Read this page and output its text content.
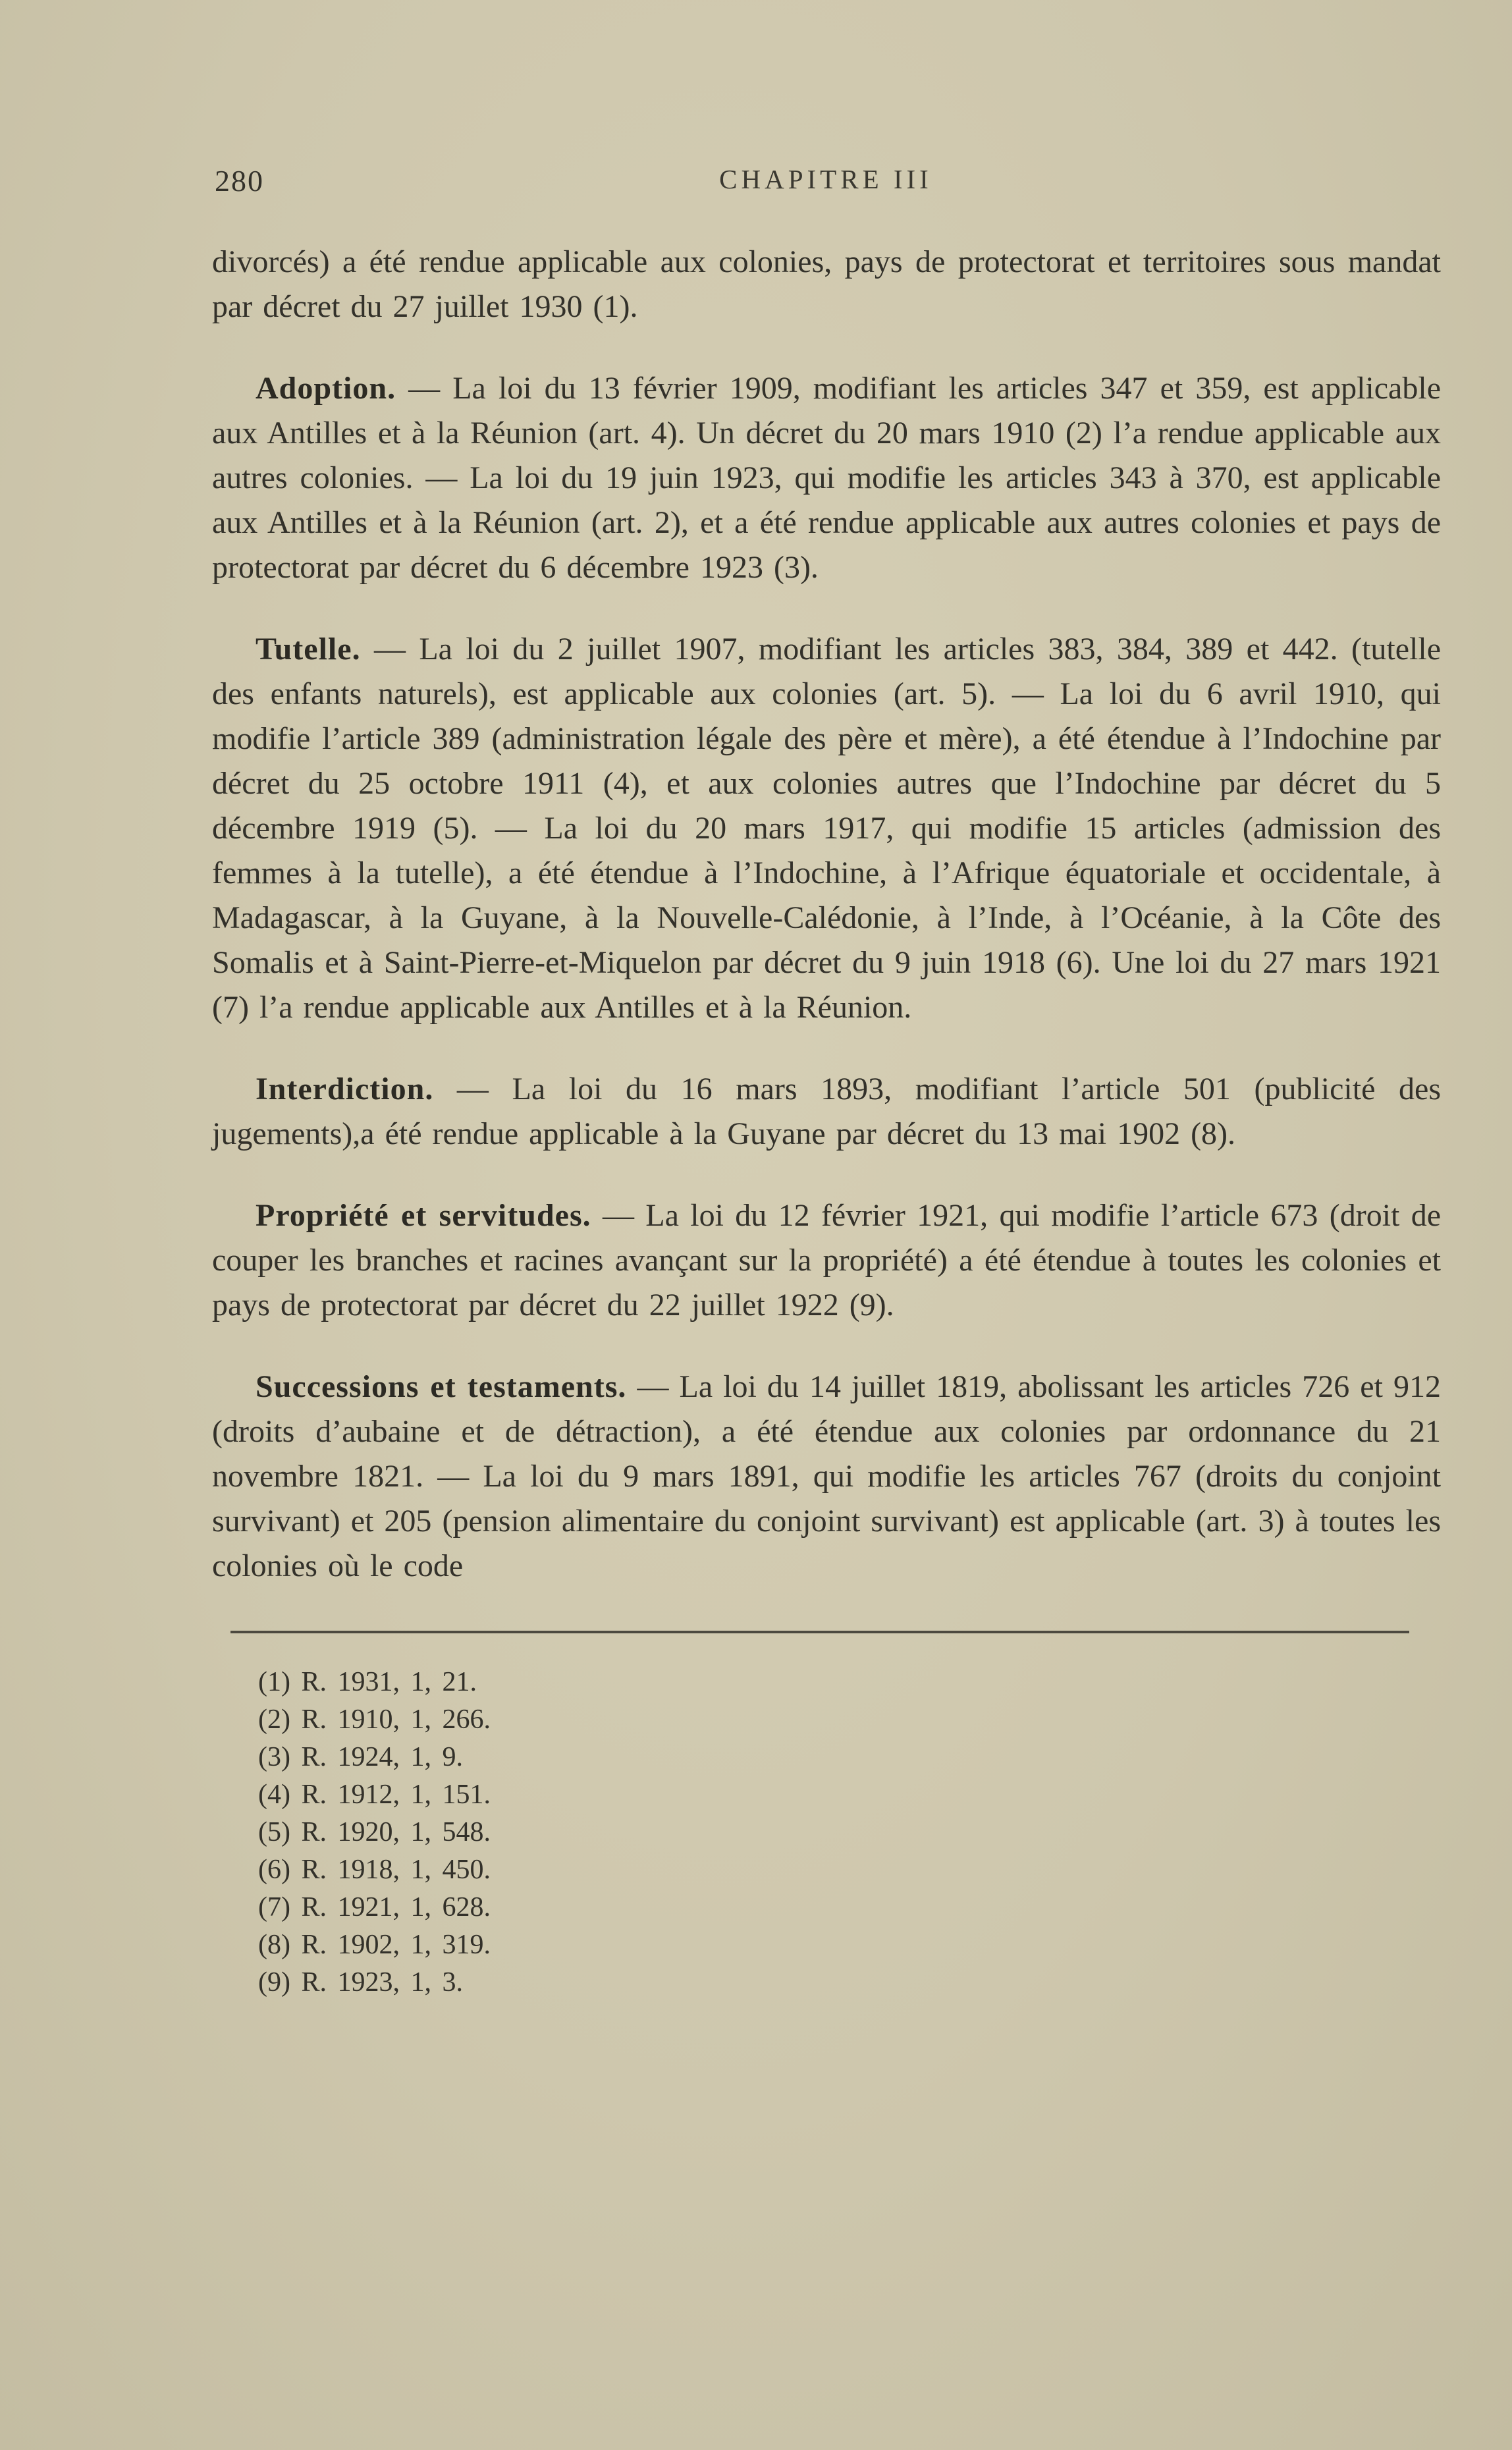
280	CHAPITRE III

divorcés) a été rendue applicable aux colonies, pays de protectorat et territoires sous mandat par décret du 27 juillet 1930 (1).

Adoption. — La loi du 13 février 1909, modifiant les articles 347 et 359, est applicable aux Antilles et à la Réunion (art. 4). Un décret du 20 mars 1910 (2) l’a rendue applicable aux autres colonies. — La loi du 19 juin 1923, qui modifie les articles 343 à 370, est applicable aux Antilles et à la Réunion (art. 2), et a été rendue applicable aux autres colonies et pays de protectorat par décret du 6 décembre 1923 (3).

Tutelle. — La loi du 2 juillet 1907, modifiant les articles 383, 384, 389 et 442. (tutelle des enfants naturels), est applicable aux colonies (art. 5). — La loi du 6 avril 1910, qui modifie l’article 389 (administration légale des père et mère), a été étendue à l’Indochine par décret du 25 octobre 1911 (4), et aux colonies autres que l’Indochine par décret du 5 décembre 1919 (5). — La loi du 20 mars 1917, qui modifie 15 articles (admission des femmes à la tutelle), a été étendue à l’Indochine, à l’Afrique équatoriale et occidentale, à Madagascar, à la Guyane, à la Nouvelle-Calédonie, à l’Inde, à l’Océanie, à la Côte des Somalis et à Saint-Pierre-et-Miquelon par décret du 9 juin 1918 (6). Une loi du 27 mars 1921 (7) l’a rendue applicable aux Antilles et à la Réunion.

Interdiction. — La loi du 16 mars 1893, modifiant l’article 501 (publicité des jugements),a été rendue applicable à la Guyane par décret du 13 mai 1902 (8).

Propriété et servitudes. — La loi du 12 février 1921, qui modifie l’article 673 (droit de couper les branches et racines avançant sur la propriété) a été étendue à toutes les colonies et pays de protectorat par décret du 22 juillet 1922 (9).

Successions et testaments. — La loi du 14 juillet 1819, abolissant les articles 726 et 912 (droits d’aubaine et de détraction), a été étendue aux colonies par ordonnance du 21 novembre 1821. — La loi du 9 mars 1891, qui modifie les articles 767 (droits du conjoint survivant) et 205 (pension alimentaire du conjoint survivant) est applicable (art. 3) à toutes les colonies où le code

(1) R. 1931, 1, 21.
(2) R. 1910, 1, 266.
(3) R. 1924, 1, 9.
(4) R. 1912, 1, 151.
(5) R. 1920, 1, 548.
(6) R. 1918, 1, 450.
(7) R. 1921, 1, 628.
(8) R. 1902, 1, 319.
(9) R. 1923, 1, 3.
